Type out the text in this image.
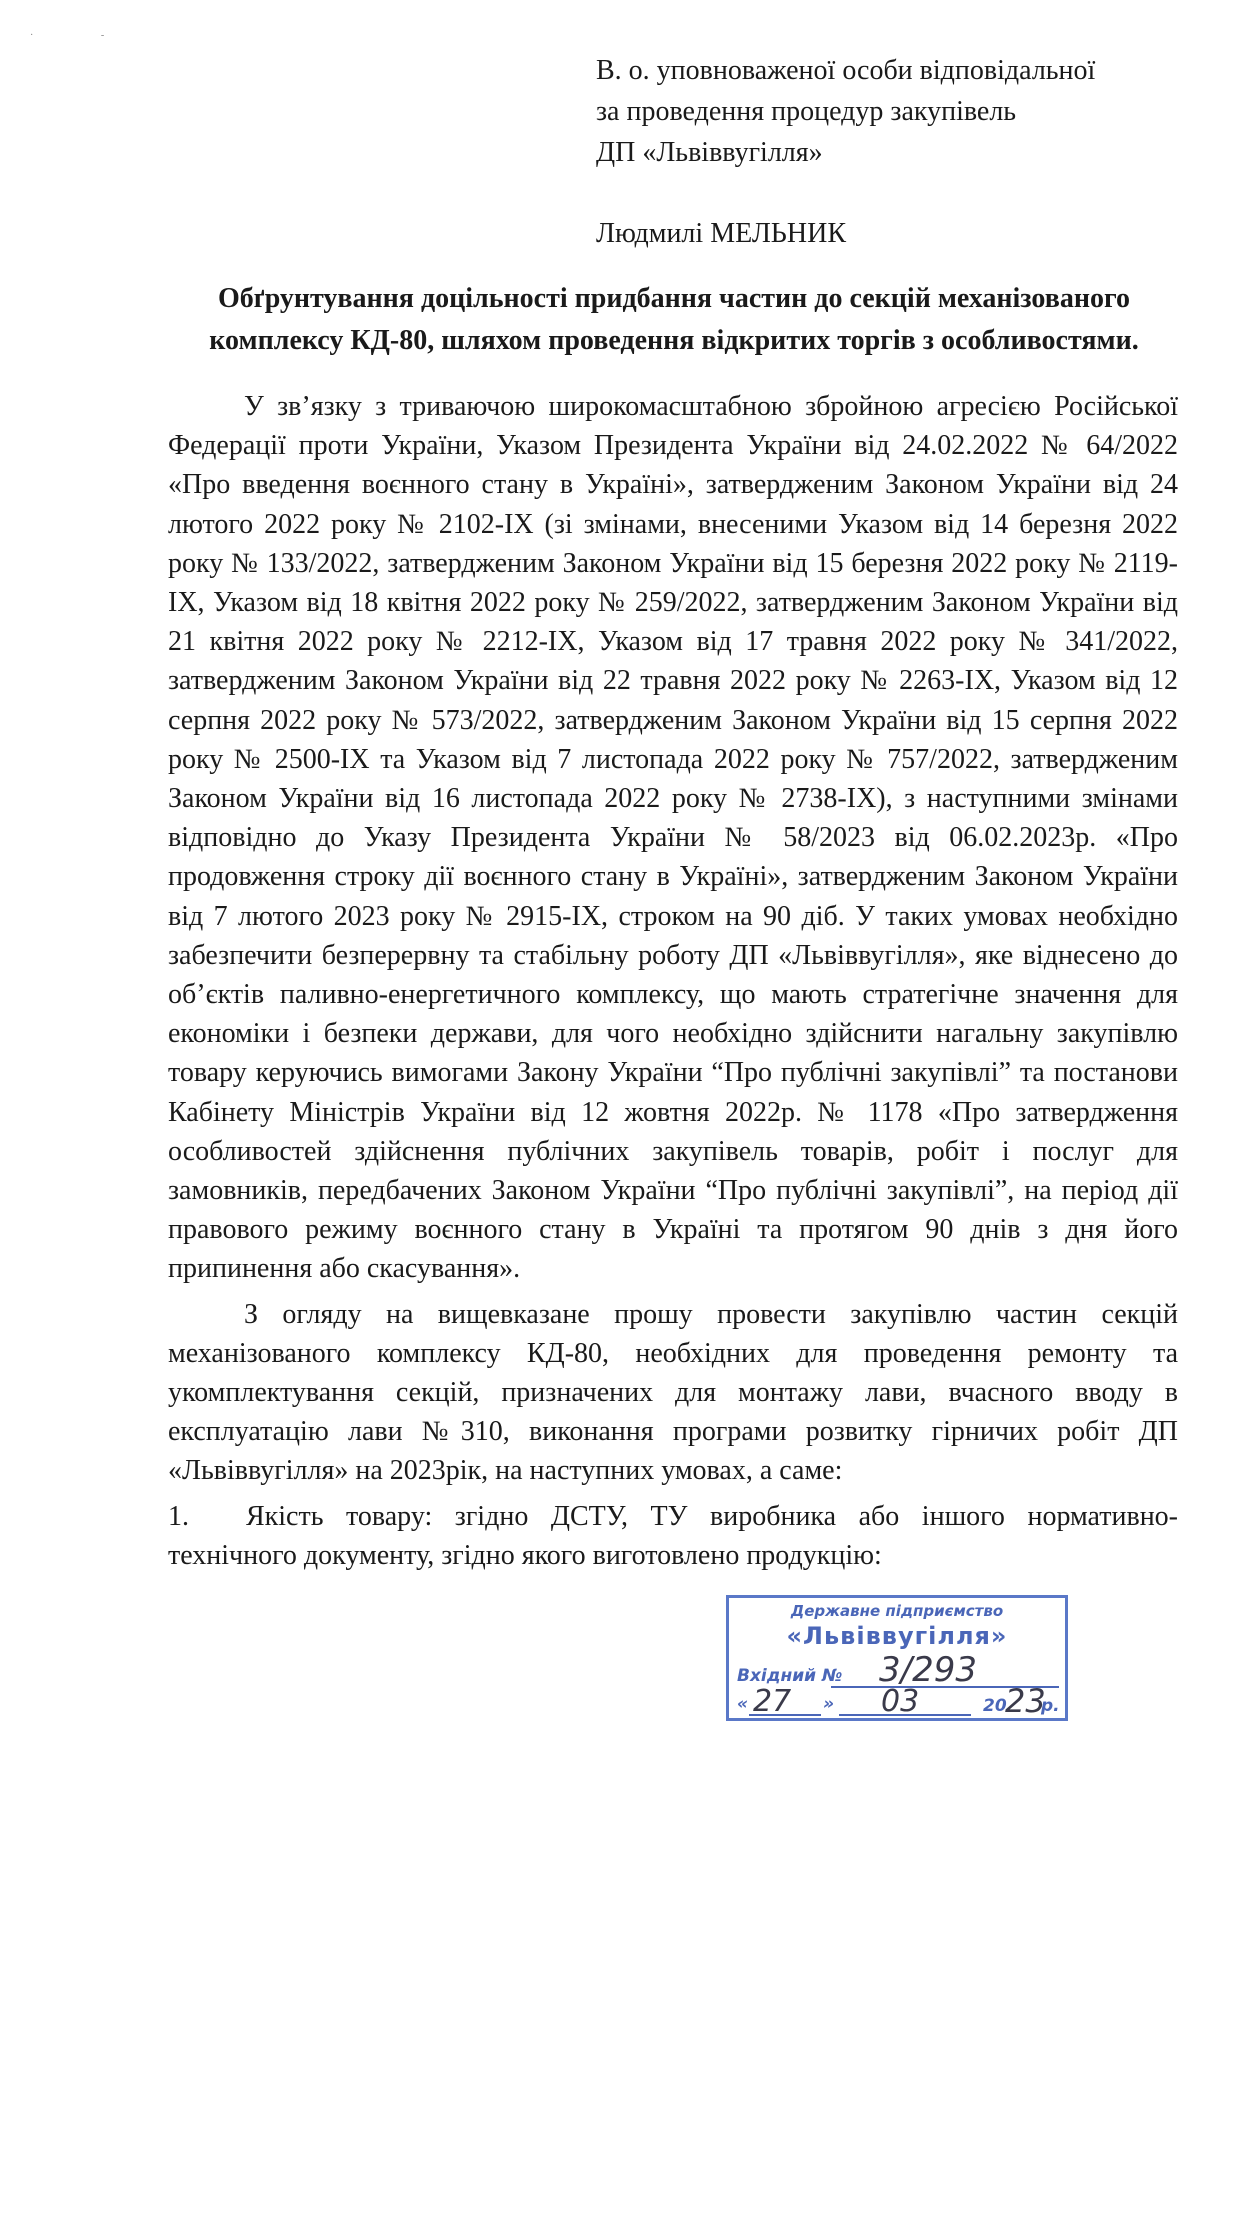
·                           ‐
В. о. уповноваженої особи відповідальної
за проведення процедур закупівель
ДП «Львіввугілля»
Людмилі МЕЛЬНИК
Обґрунтування доцільності придбання частин до секцій механізованого комплексу КД-80, шляхом проведення відкритих торгів з особливостями.

У зв’язку з триваючою широкомасштабною збройною агресією Російської Федерації проти України, Указом Президента України від 24.02.2022 № 64/2022 «Про введення воєнного стану в Україні», затвердженим Законом України від 24 лютого 2022 року № 2102-IX (зі змінами, внесеними Указом від 14 березня 2022 року № 133/2022, затвердженим Законом України від 15 березня 2022 року № 2119-IX, Указом від 18 квітня 2022 року № 259/2022, затвердженим Законом України від 21 квітня 2022 року № 2212-IX, Указом від 17 травня 2022 року № 341/2022, затвердженим Законом України від 22 травня 2022 року № 2263-IX, Указом від 12 серпня 2022 року № 573/2022, затвердженим Законом України від 15 серпня 2022 року № 2500-IX та Указом від 7 листопада 2022 року № 757/2022, затвердженим Законом України від 16 листопада 2022 року № 2738-IX), з наступними змінами відповідно до Указу Президента України № 58/2023 від 06.02.2023р. «Про продовження строку дії воєнного стану в Україні», затвердженим Законом України від 7 лютого 2023 року № 2915-IX, строком на 90 діб. У таких умовах необхідно забезпечити безперервну та стабільну роботу ДП «Львіввугілля», яке віднесено до об’єктів паливно-енергетичного комплексу, що мають стратегічне значення для економіки і безпеки держави, для чого необхідно здійснити нагальну закупівлю товару керуючись вимогами Закону України “Про публічні закупівлі” та постанови Кабінету Міністрів України від 12 жовтня 2022р. № 1178 «Про затвердження особливостей здійснення публічних закупівель товарів, робіт і послуг для замовників, передбачених Законом України “Про публічні закупівлі”, на період дії правового режиму воєнного стану в Україні та протягом 90 днів з дня його припинення або скасування».

З огляду на вищевказане прошу провести закупівлю частин секцій механізованого комплексу КД-80, необхідних для проведення ремонту та укомплектування секцій, призначених для монтажу лави, вчасного вводу в експлуатацію лави №310, виконання програми розвитку гірничих робіт ДП «Львіввугілля» на 2023рік, на наступних умовах, а саме:

1. Якість товару: згідно ДСТУ, ТУ виробника або іншого нормативно-технічного документу, згідно якого виготовлено продукцію:

Державне підприємство
«Львіввугілля»
Вхідний № 3/293
« 27 » 03	20
23
р.
